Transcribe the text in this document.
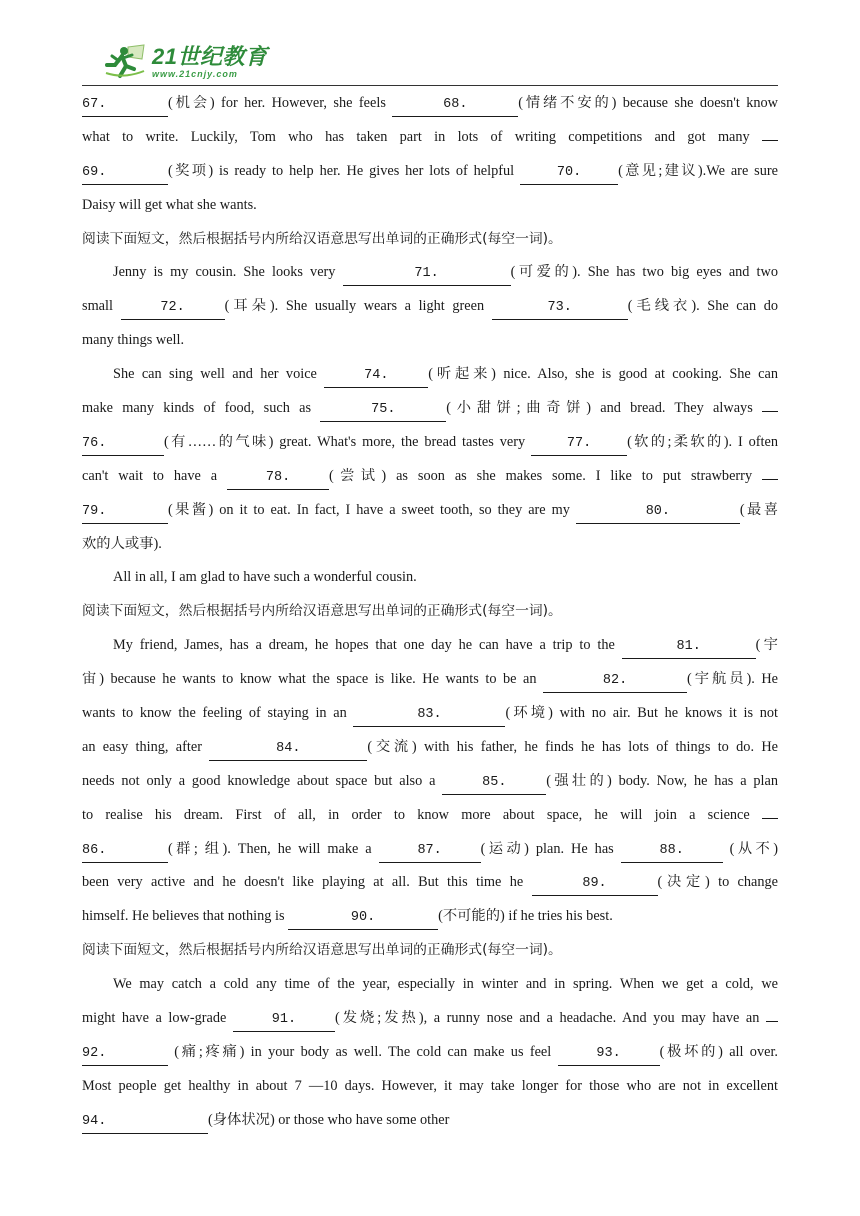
21世纪教育
www.21cnjy.com
67.	(机会) for her. However, she feels	68.	(情绪不安的) because she doesn't know
what to write. Luckily, Tom who has taken part in lots of writing competitions and got many
69.	(奖项) is ready to help her. He gives her lots of helpful	70.	(意见;建议).We are sure
Daisy will get what she wants.
阅读下面短文，然后根据括号内所给汉语意思写出单词的正确形式(每空一词)。
Jenny is my cousin. She looks very	71.	(可爱的). She has two big eyes and two
small	72.	(耳朵). She usually wears a light green	73.	(毛线衣). She can do
many things well.
She can sing well and her voice	74.	(听起来) nice. Also, she is good at cooking. She can
make many kinds of food, such as	75.	(小甜饼;曲奇饼) and bread. They always
76.	(有……的气味) great. What's more, the bread tastes very	77.	(软的;柔软的). I often
can't wait to have a	78.	(尝试) as soon as she makes some. I like to put strawberry
79.	(果酱) on it to eat. In fact, I have a sweet tooth, so they are my	80.	(最喜
欢的人或事).
All in all, I am glad to have such a wonderful cousin.
阅读下面短文，然后根据括号内所给汉语意思写出单词的正确形式(每空一词)。
My friend, James, has a dream, he hopes that one day he can have a trip to the	81.	(宇
宙) because he wants to know what the space is like. He wants to be an	82.	(宇航员). He
wants to know the feeling of staying in an	83.	(环境) with no air. But he knows it is not
an easy thing, after	84.	(交流) with his father, he finds he has lots of things to do. He
needs not only a good knowledge about space but also a	85.	(强壮的) body. Now, he has a plan
to realise his dream. First of all, in order to know more about space, he will join a science
86.	(群; 组). Then, he will make a	87.	(运动) plan. He has	88.	(从不)
been very active and he doesn't like playing at all. But this time he	89.	(决定) to change
himself. He believes that nothing is	90.	(不可能的) if he tries his best.
阅读下面短文，然后根据括号内所给汉语意思写出单词的正确形式(每空一词)。
We may catch a cold any time of the year, especially in winter and in spring. When we get a cold, we
might have a low-grade	91.	(发烧;发热), a runny nose and a headache. And you may have an
92.	(痛;疼痛) in your body as well. The cold can make us feel	93.	(极坏的) all over.
Most people get healthy in about 7 —10 days. However, it may take longer for those who are not in excellent
94.	(身体状况) or those who have some other
